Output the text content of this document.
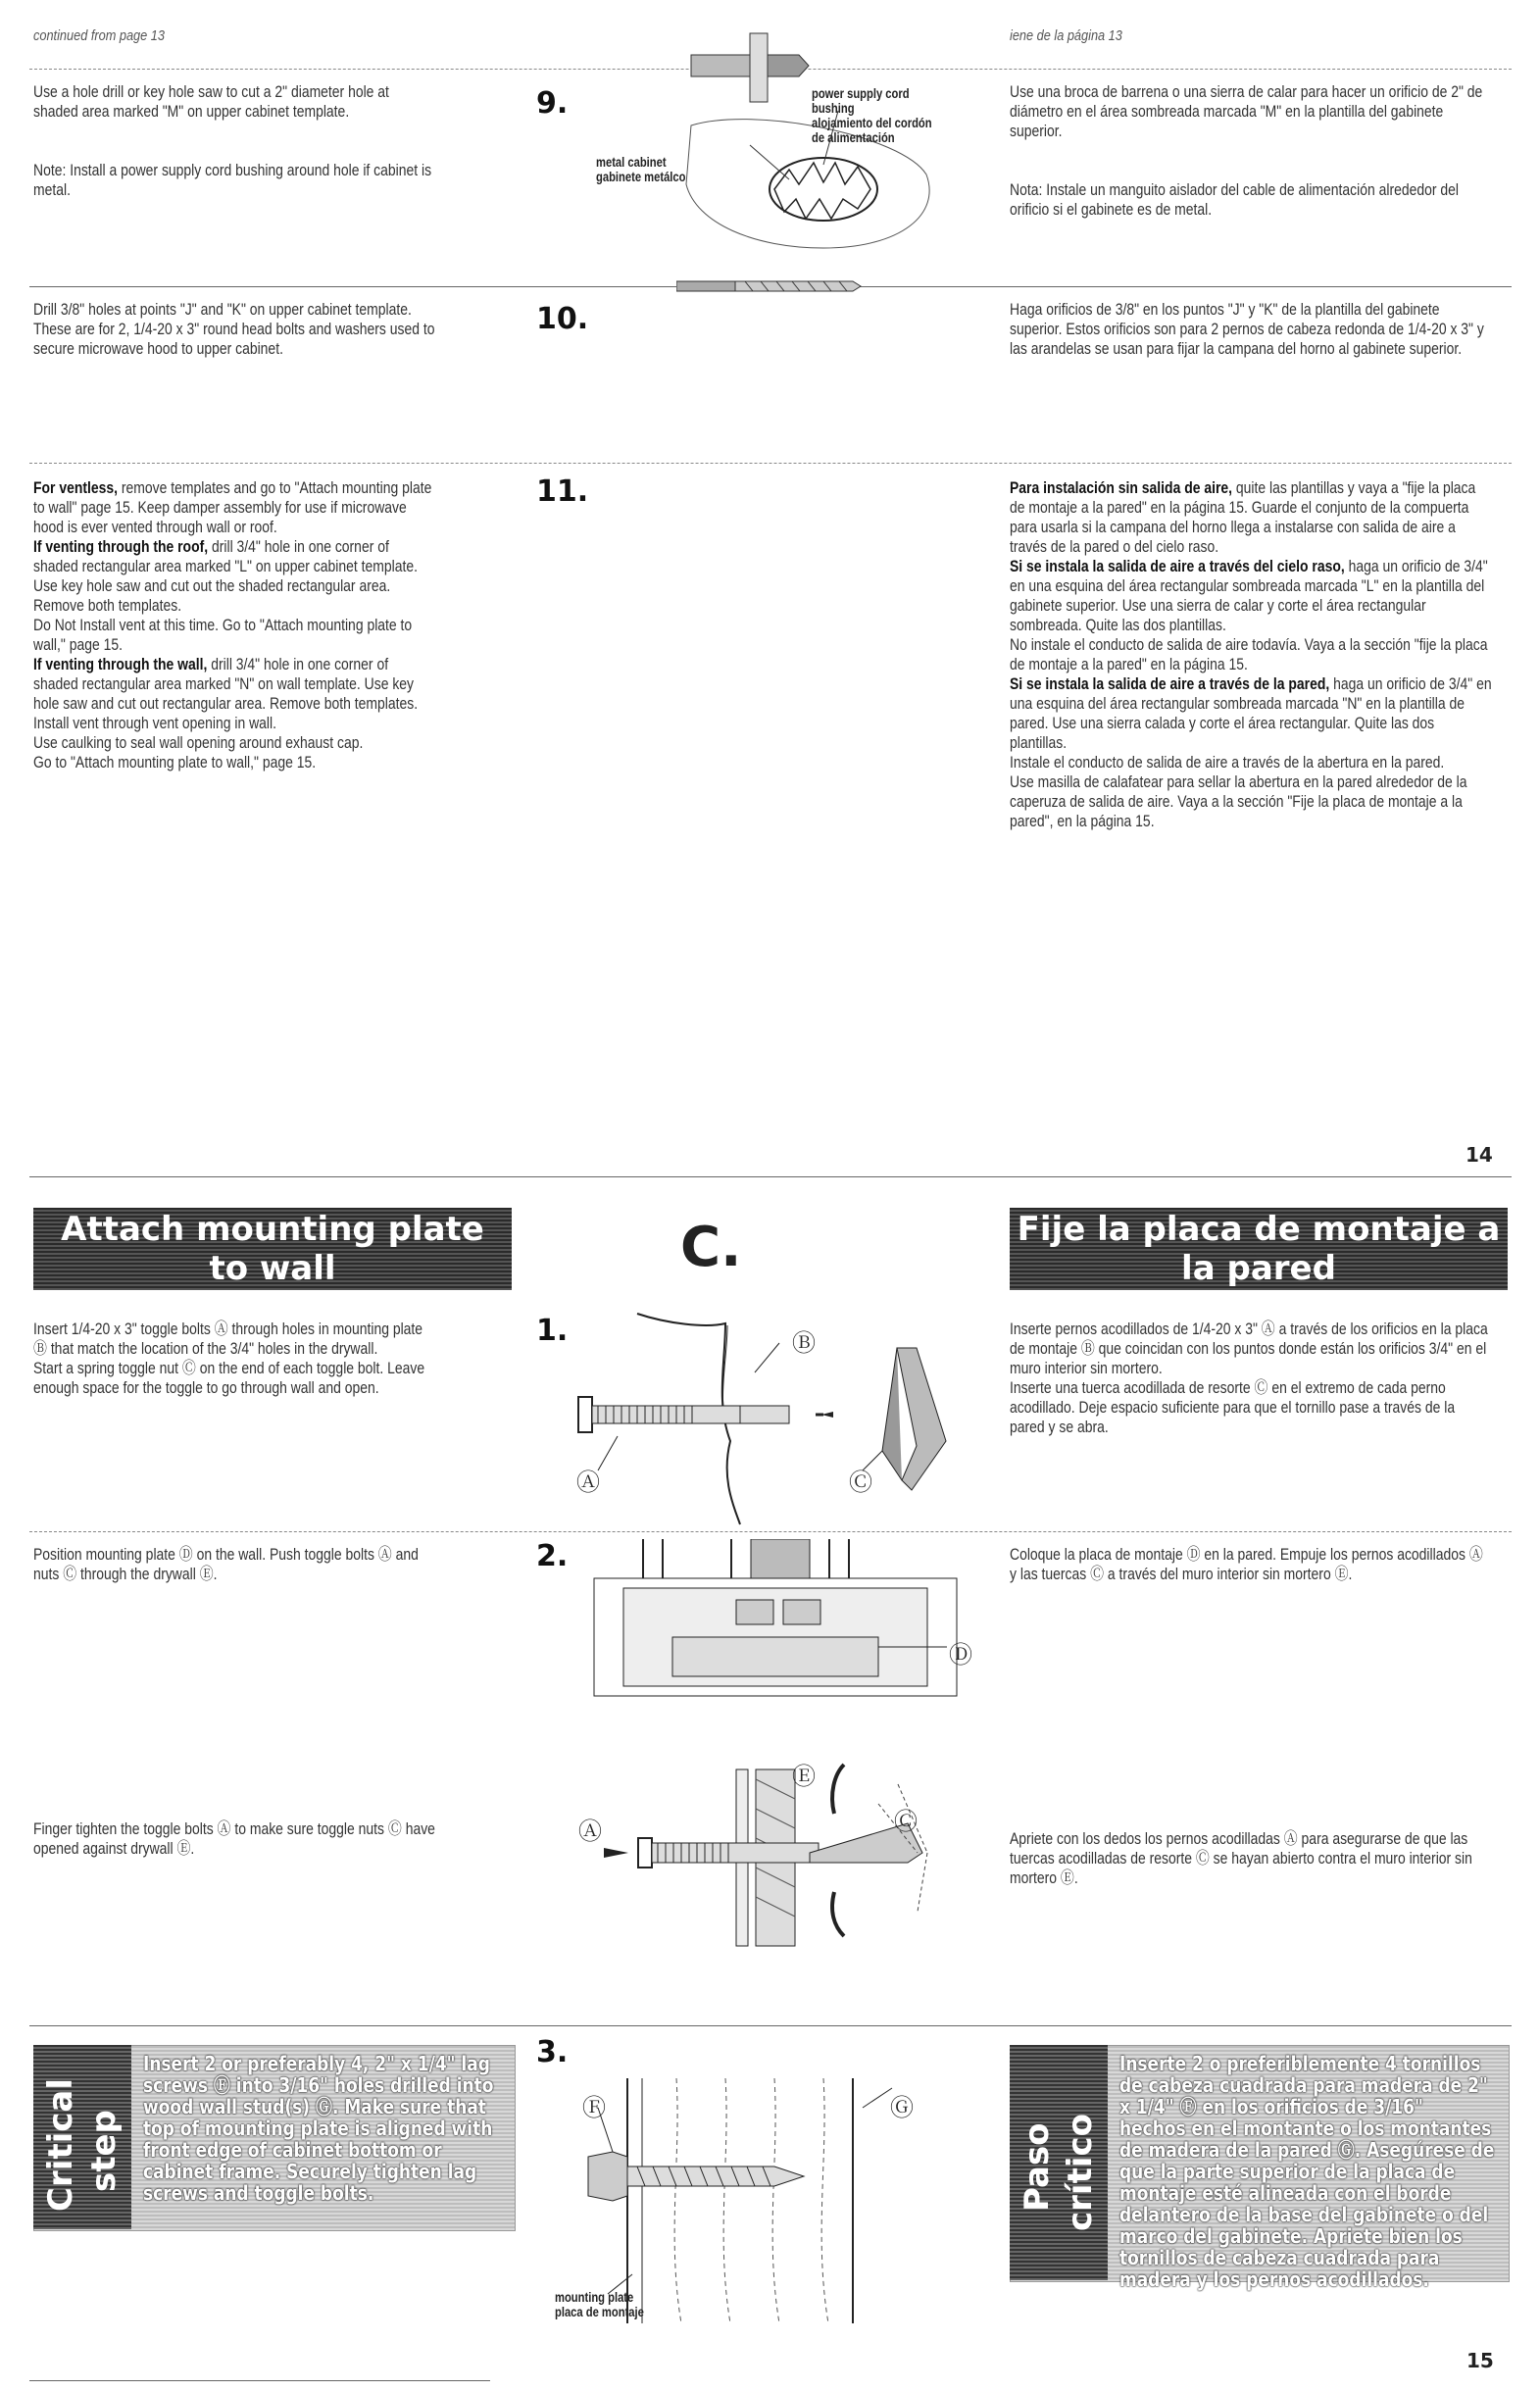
continued from page 13	iene de la página 13

Use a hole drill or key hole saw to cut a 2" diameter hole at shaded area marked "M" on upper cabinet template.

Note: Install a power supply cord bushing around hole if cabinet is metal.

9.	power supply cord bushing
alojamiento del cordón de alimentación
metal cabinet
gabinete metálco

Use una broca de barrena o una sierra de calar para hacer un orificio de 2" de diámetro en el área sombreada marcada "M" en la plantilla del gabinete superior.

Nota: Instale un manguito aislador del cable de alimentación alrededor del orificio si el gabinete es de metal.

Drill 3/8" holes at points "J" and "K" on upper cabinet template. These are for 2, 1/4-20 x 3" round head bolts and washers used to secure microwave hood to upper cabinet.
10.	Haga orificios de 3/8" en los puntos "J" y "K" de la plantilla del gabinete superior. Estos orificios son para 2 pernos de cabeza redonda de 1/4-20 x 3" y las arandelas se usan para fijar la campana del horno al gabinete superior.

For ventless, remove templates and go to "Attach mounting plate to wall" page 15. Keep damper assembly for use if microwave hood is ever vented through wall or roof.

If venting through the roof, drill 3/4" hole in one corner of shaded rectangular area marked "L" on upper cabinet template. Use key hole saw and cut out the shaded rectangular area. Remove both templates.

Do Not Install vent at this time. Go to "Attach mounting plate to wall," page 15.

If venting through the wall, drill 3/4" hole in one corner of shaded rectangular area marked "N" on wall template. Use key hole saw and cut out rectangular area. Remove both templates.

Install vent through vent opening in wall.

Use caulking to seal wall opening around exhaust cap.

Go to "Attach mounting plate to wall," page 15.

11.	Para instalación sin salida de aire, quite las plantillas y vaya a "fije la placa de montaje a la pared" en la página 15. Guarde el conjunto de la compuerta para usarla si la campana del horno llega a instalarse con salida de aire a través de la pared o del cielo raso.

Si se instala la salida de aire a través del cielo raso, haga un orificio de 3/4" en una esquina del área rectangular sombreada marcada "L" en la plantilla del gabinete superior. Use una sierra de calar y corte el área rectangular sombreada. Quite las dos plantillas.

No instale el conducto de salida de aire todavía. Vaya a la sección "fije la placa de montaje a la pared" en la página 15.

Si se instala la salida de aire a través de la pared, haga un orificio de 3/4" en una esquina del área rectangular sombreada marcada "N" en la plantilla de pared. Use una sierra calada y corte el área rectangular. Quite las dos plantillas.

Instale el conducto de salida de aire a través de la abertura en la pared.

Use masilla de calafatear para sellar la abertura en la pared alrededor de la caperuza de salida de aire. Vaya a la sección "Fije la placa de montaje a la pared", en la página 15.

14
Attach mounting plate
to wall	C.	Fije la placa de montaje a
la pared

Insert 1/4-20 x 3" toggle bolts Ⓐ through holes in mounting plate Ⓑ that match the location of the 3/4" holes in the drywall.

Start a spring toggle nut Ⓒ on the end of each toggle bolt. Leave enough space for the toggle to go through wall and open.

1.
Ⓐ
Ⓑ
Ⓒ

Inserte pernos acodillados de 1/4-20 x 3" Ⓐ a través de los orificios en la placa de montaje Ⓑ que coincidan con los puntos donde están los orificios 3/4" en el muro interior sin mortero.

Inserte una tuerca acodillada de resorte Ⓒ en el extremo de cada perno acodillado. Deje espacio suficiente para que el tornillo pase a través de la pared y se abra.

Position mounting plate Ⓓ on the wall. Push toggle bolts Ⓐ and nuts Ⓒ through the drywall Ⓔ.
2.
Ⓓ
Ⓔ
Ⓐ	Ⓒ
Coloque la placa de montaje Ⓓ en la pared. Empuje los pernos acodillados Ⓐ y las tuercas Ⓒ a través del muro interior sin mortero Ⓔ.
Finger tighten the toggle bolts Ⓐ to make sure toggle nuts Ⓒ have opened against drywall Ⓔ.
Apriete con los dedos los pernos acodilladas Ⓐ para asegurarse de que las tuercas acodilladas de resorte Ⓒ se hayan abierto contra el muro interior sin mortero Ⓔ.
Critical step
Insert 2 or preferably 4, 2" x 1/4" lag screws Ⓕ into 3/16" holes drilled into wood wall stud(s) Ⓖ. Make sure that top of mounting plate is aligned with front edge of cabinet bottom or cabinet frame. Securely tighten lag screws and toggle bolts.
3.
Ⓕ	Ⓖ
mounting plate
placa de montaje
Paso crítico
Inserte 2 o preferiblemente 4 tornillos de cabeza cuadrada para madera de 2" x 1/4" Ⓕ en los orificios de 3/16" hechos en el montante o los montantes de madera de la pared Ⓖ. Asegúrese de que la parte superior de la placa de montaje esté alineada con el borde delantero de la base del gabinete o del marco del gabinete. Apriete bien los tornillos de cabeza cuadrada para madera y los pernos acodillados.
15
